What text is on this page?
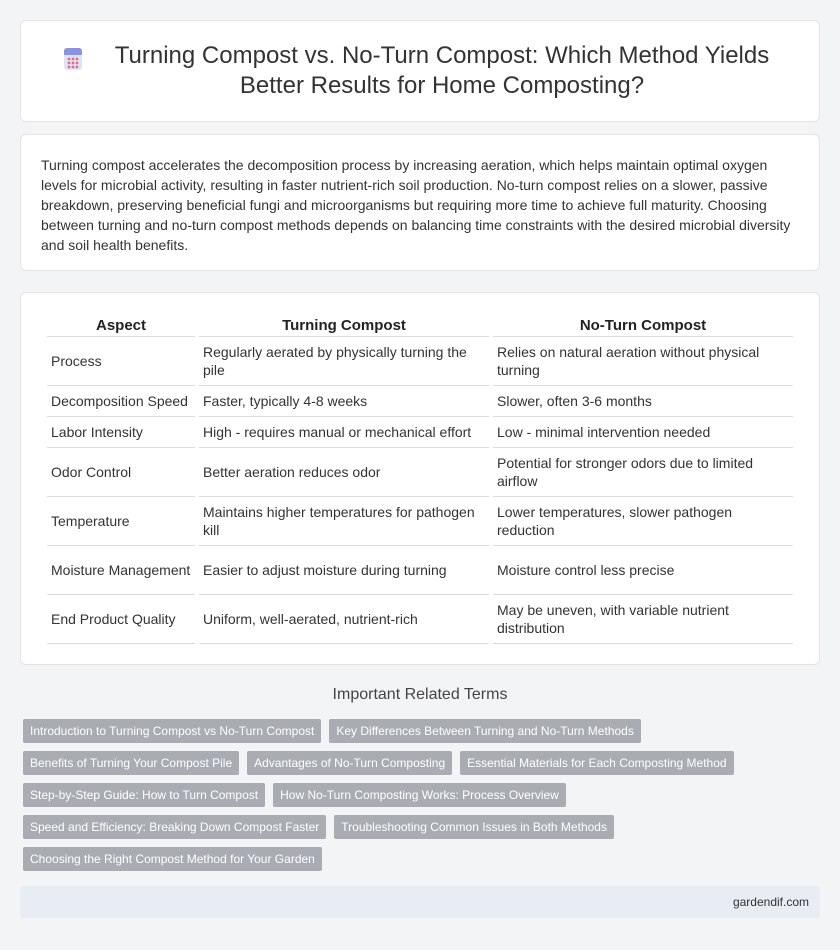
Turning Compost vs. No-Turn Compost: Which Method Yields Better Results for Home Composting?

Turning compost accelerates the decomposition process by increasing aeration, which helps maintain optimal oxygen levels for microbial activity, resulting in faster nutrient-rich soil production. No-turn compost relies on a slower, passive breakdown, preserving beneficial fungi and microorganisms but requiring more time to achieve full maturity. Choosing between turning and no-turn compost methods depends on balancing time constraints with the desired microbial diversity and soil health benefits.

Aspect	Turning Compost	No-Turn Compost
Process	Regularly aerated by physically turning the pile	Relies on natural aeration without physical turning
Decomposition Speed	Faster, typically 4-8 weeks	Slower, often 3-6 months
Labor Intensity	High - requires manual or mechanical effort	Low - minimal intervention needed
Odor Control	Better aeration reduces odor	Potential for stronger odors due to limited airflow
Temperature	Maintains higher temperatures for pathogen kill	Lower temperatures, slower pathogen reduction
Moisture Management	Easier to adjust moisture during turning	Moisture control less precise
End Product Quality	Uniform, well-aerated, nutrient-rich	May be uneven, with variable nutrient distribution
Important Related Terms
Introduction to Turning Compost vs No-Turn Compost	Key Differences Between Turning and No-Turn Methods
Benefits of Turning Your Compost Pile	Advantages of No-Turn Composting	Essential Materials for Each Composting Method
Step-by-Step Guide: How to Turn Compost	How No-Turn Composting Works: Process Overview
Speed and Efficiency: Breaking Down Compost Faster	Troubleshooting Common Issues in Both Methods
Choosing the Right Compost Method for Your Garden
gardendif.com
